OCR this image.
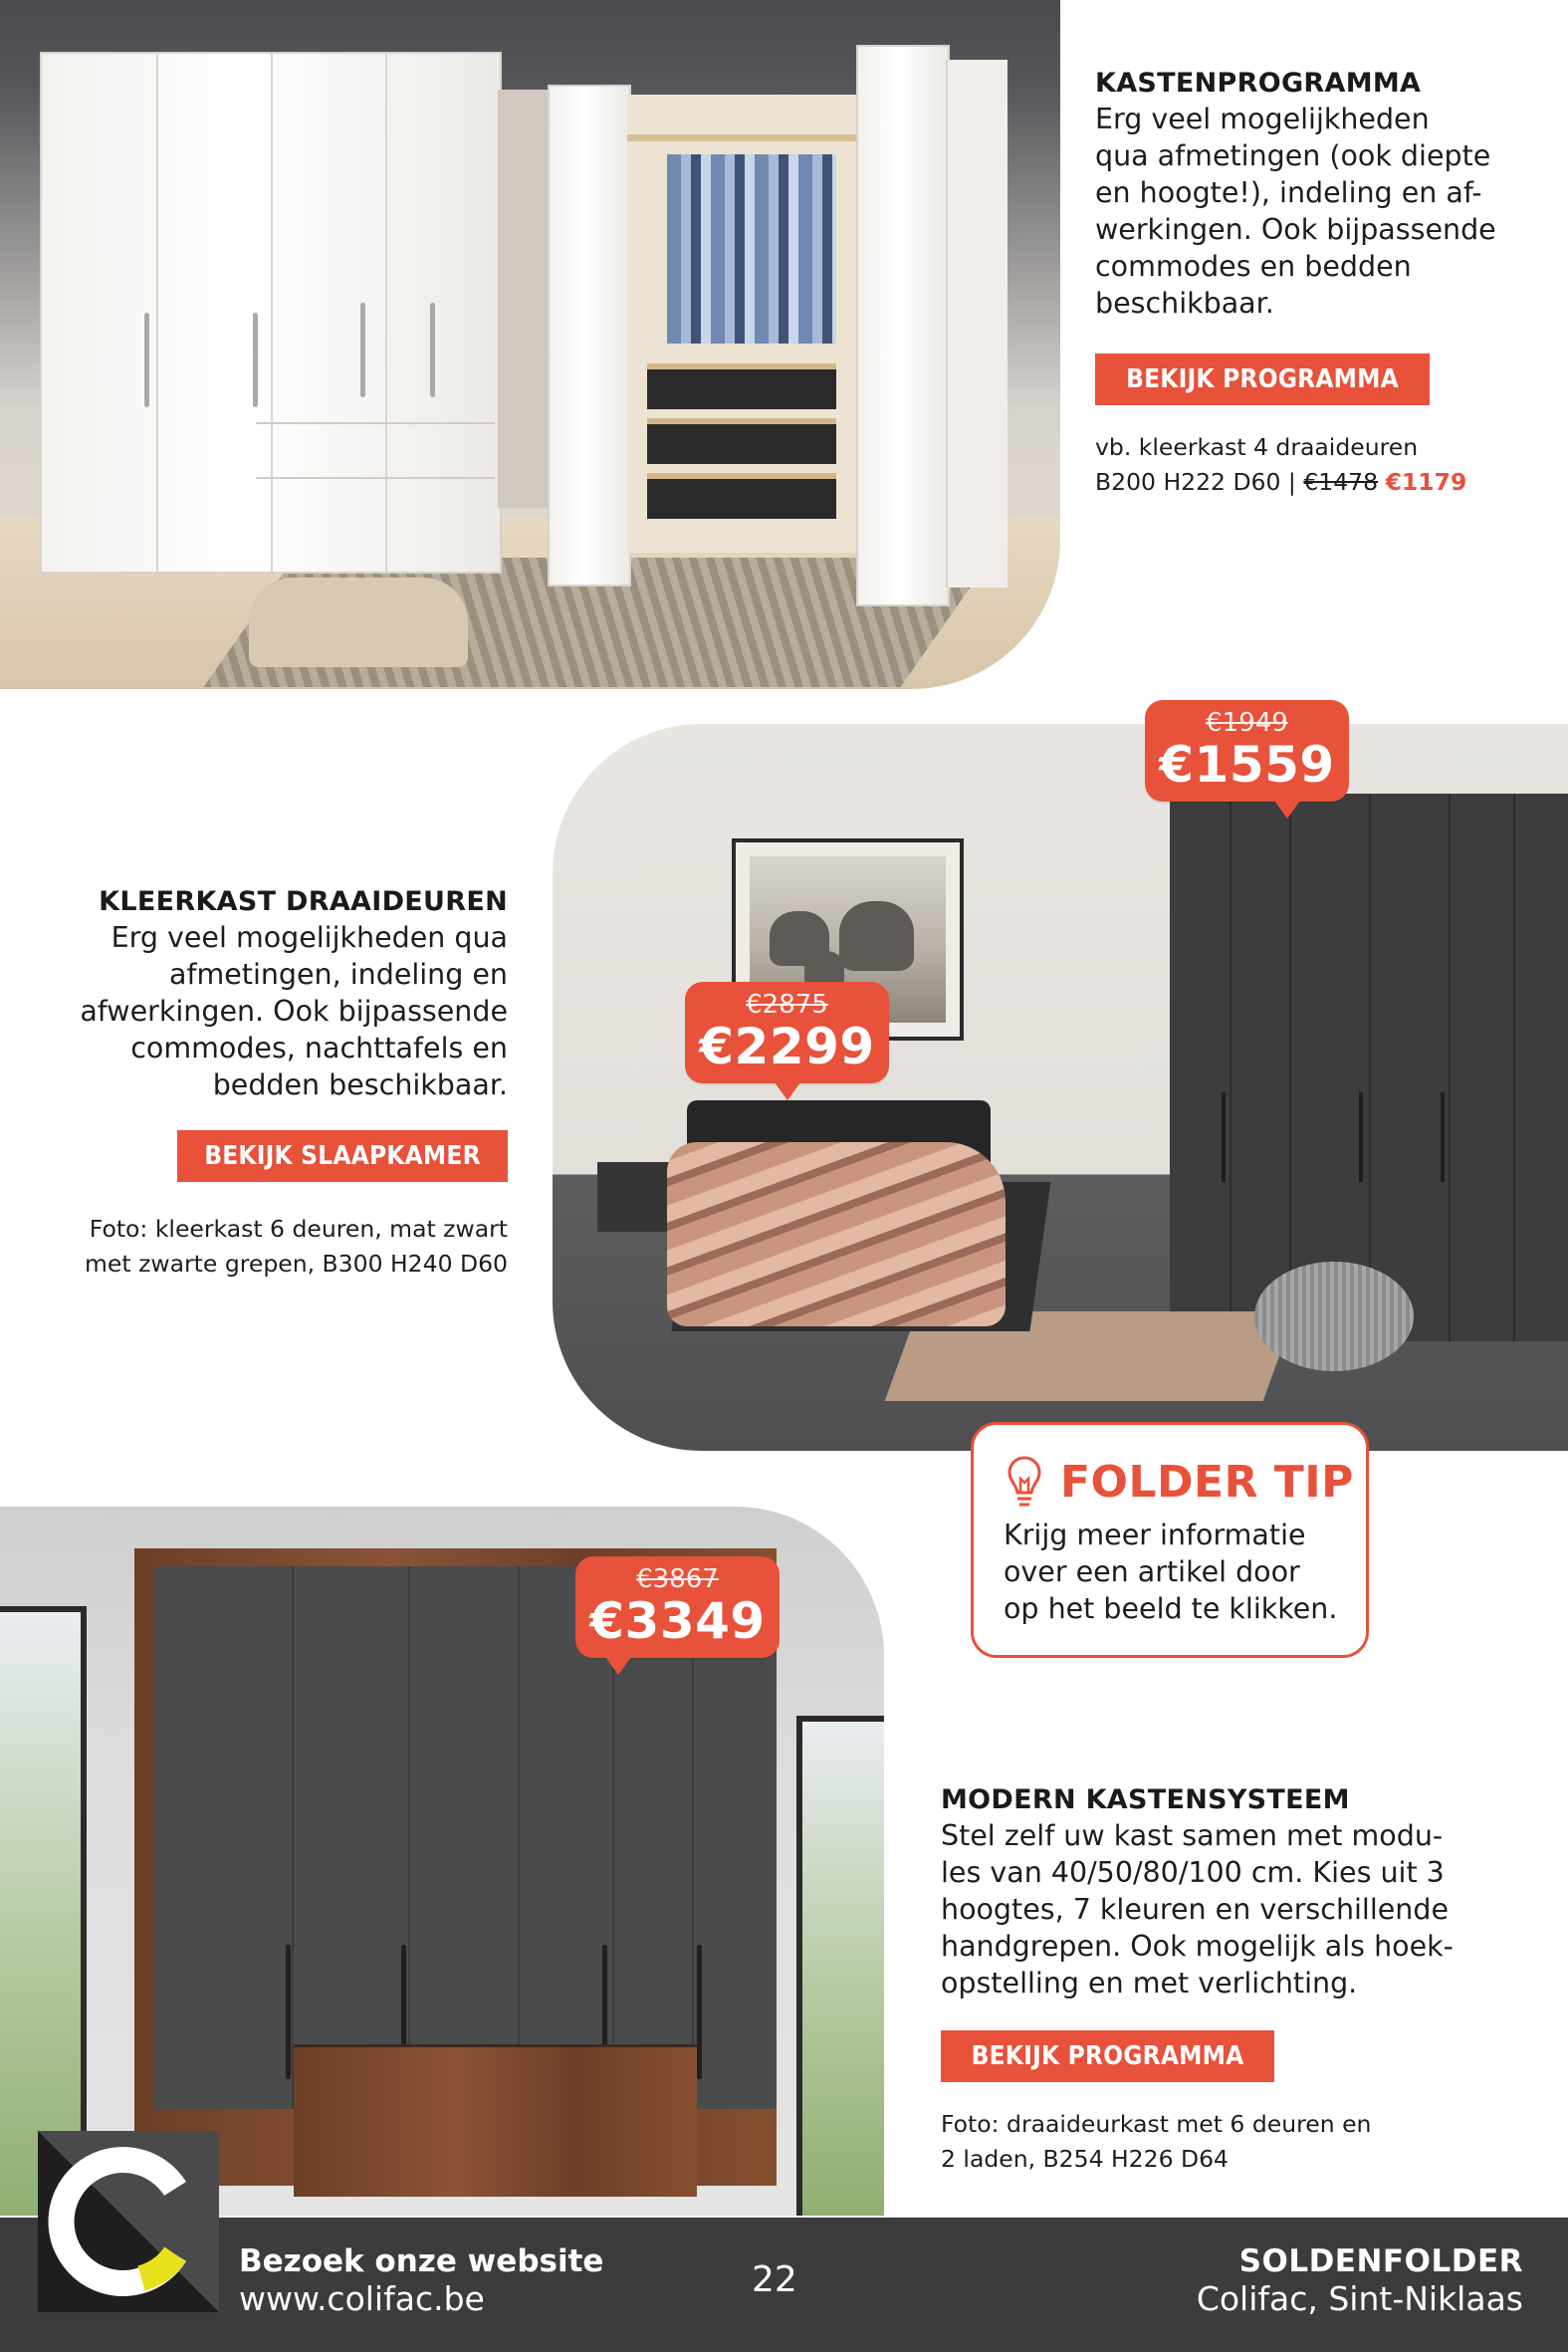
KASTENPROGRAMMA
Erg veel mogelijkheden
qua afmetingen (ook diepte
en hoogte!), indeling en af-
werkingen. Ook bijpassende
commodes en bedden
beschikbaar.
BEKIJK PROGRAMMA
vb. kleerkast 4 draaideuren
B200 H222 D60 | €1478 €1179
KLEERKAST DRAAIDEUREN
Erg veel mogelijkheden qua
afmetingen, indeling en
afwerkingen. Ook bijpassende
commodes, nachttafels en
bedden beschikbaar.
BEKIJK SLAAPKAMER
Foto: kleerkast 6 deuren, mat zwart
met zwarte grepen, B300 H240 D60
€1949
€1559
€2875
€2299
€3867
€3349
FOLDER TIP
Krijg meer informatie
over een artikel door
op het beeld te klikken.
MODERN KASTENSYSTEEM
Stel zelf uw kast samen met modu-
les van 40/50/80/100 cm. Kies uit 3
hoogtes, 7 kleuren en verschillende
handgrepen. Ook mogelijk als hoek-
opstelling en met verlichting.
BEKIJK PROGRAMMA
Foto: draaideurkast met 6 deuren en
2 laden, B254 H226 D64
Bezoek onze website
www.colifac.be	22	SOLDENFOLDER
Colifac, Sint-Niklaas
